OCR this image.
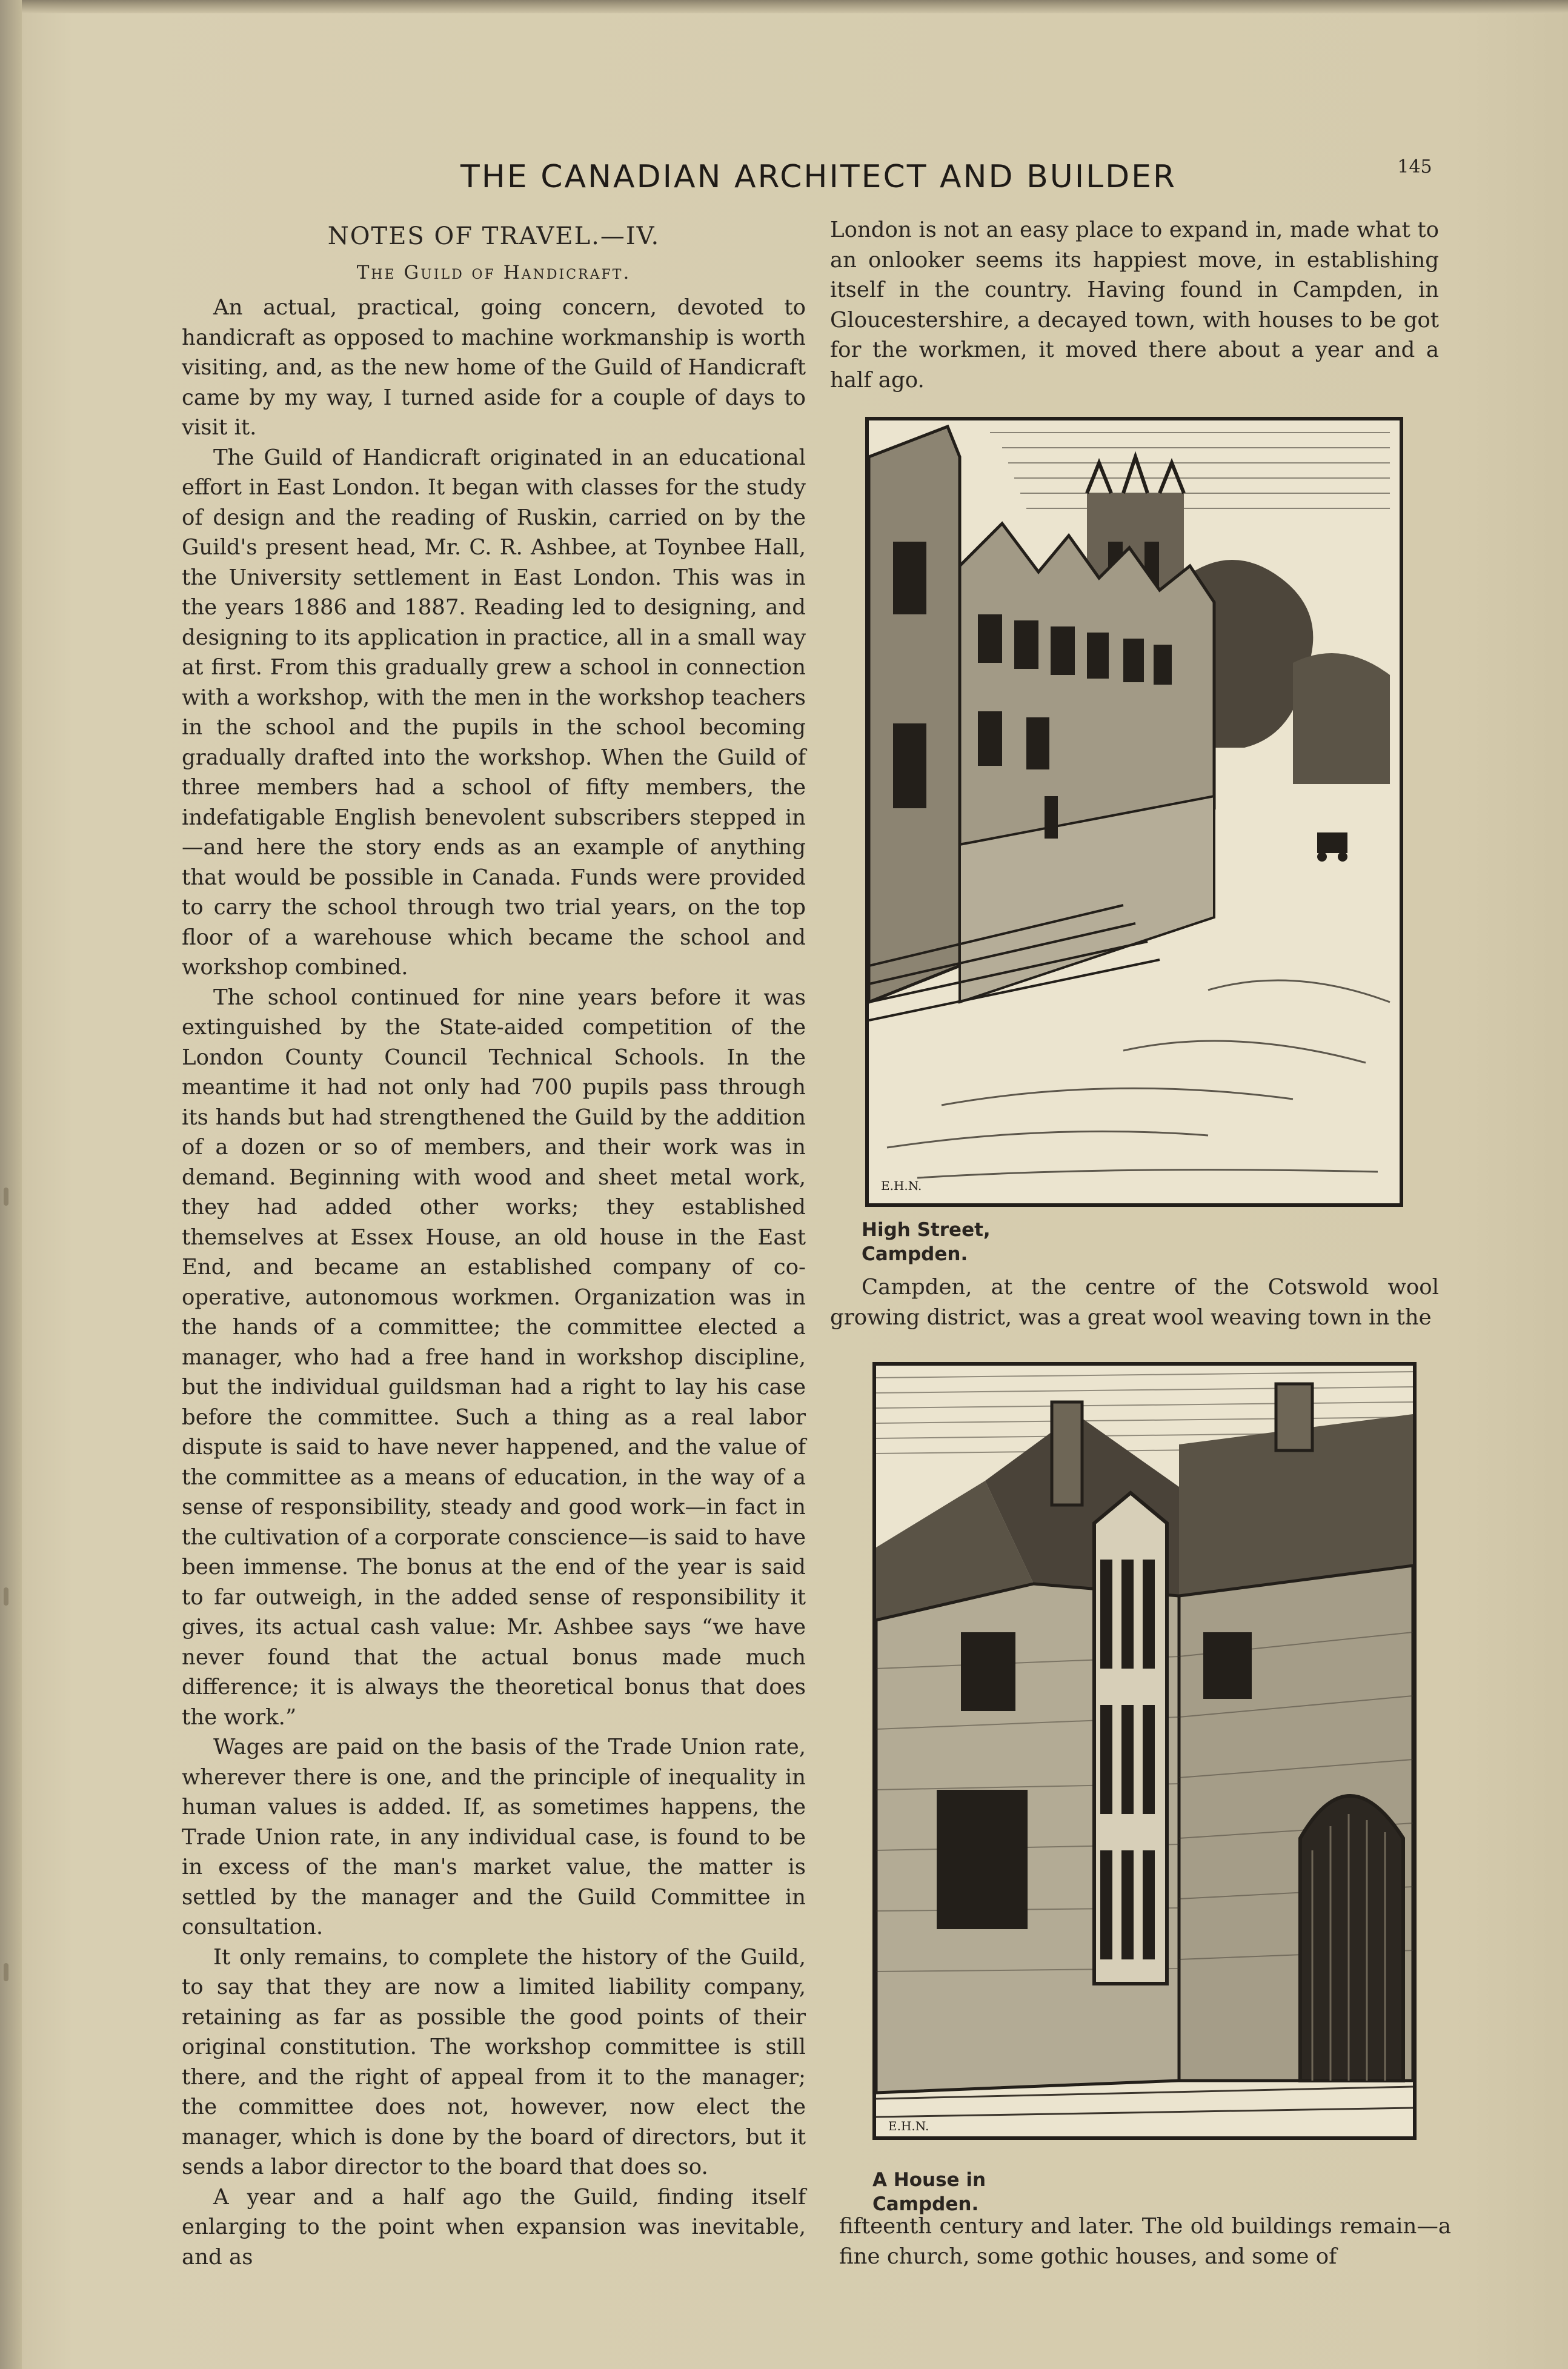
THE CANADIAN ARCHITECT AND BUILDER	145
NOTES OF TRAVEL.—IV.
The Guild of Handicraft.

An actual, practical, going concern, devoted to handicraft as opposed to machine workmanship is worth visiting, and, as the new home of the Guild of Handicraft came by my way, I turned aside for a couple of days to visit it.

The Guild of Handicraft originated in an educational effort in East London. It began with classes for the study of design and the reading of Ruskin, carried on by the Guild's present head, Mr. C. R. Ashbee, at Toynbee Hall, the University settlement in East London. This was in the years 1886 and 1887. Reading led to designing, and designing to its application in practice, all in a small way at first. From this gradually grew a school in connection with a workshop, with the men in the workshop teachers in the school and the pupils in the school becoming gradually drafted into the workshop. When the Guild of three members had a school of fifty members, the indefatigable English benevolent subscribers stepped in—and here the story ends as an example of anything that would be possible in Canada. Funds were provided to carry the school through two trial years, on the top floor of a warehouse which became the school and workshop combined.

The school continued for nine years before it was extinguished by the State-aided competition of the London County Council Technical Schools. In the meantime it had not only had 700 pupils pass through its hands but had strengthened the Guild by the addition of a dozen or so of members, and their work was in demand. Beginning with wood and sheet metal work, they had added other works; they established themselves at Essex House, an old house in the East End, and became an established company of co-operative, autonomous workmen. Organization was in the hands of a committee; the committee elected a manager, who had a free hand in workshop discipline, but the individual guildsman had a right to lay his case before the committee. Such a thing as a real labor dispute is said to have never happened, and the value of the committee as a means of education, in the way of a sense of responsibility, steady and good work—in fact in the cultivation of a corporate conscience—is said to have been immense. The bonus at the end of the year is said to far outweigh, in the added sense of responsibility it gives, its actual cash value: Mr. Ashbee says “we have never found that the actual bonus made much difference; it is always the theoretical bonus that does the work.”

Wages are paid on the basis of the Trade Union rate, wherever there is one, and the principle of inequality in human values is added. If, as sometimes happens, the Trade Union rate, in any individual case, is found to be in excess of the man's market value, the matter is settled by the manager and the Guild Committee in consultation.

It only remains, to complete the history of the Guild, to say that they are now a limited liability company, retaining as far as possible the good points of their original constitution. The workshop committee is still there, and the right of appeal from it to the manager; the committee does not, however, now elect the manager, which is done by the board of directors, but it sends a labor director to the board that does so.

A year and a half ago the Guild, finding itself enlarging to the point when expansion was inevitable, and as

London is not an easy place to expand in, made what to an onlooker seems its happiest move, in establishing itself in the country. Having found in Campden, in Gloucestershire, a decayed town, with houses to be got for the workmen, it moved there about a year and a half ago.

E.H.N.
High Street,
Campden.

Campden, at the centre of the Cotswold wool growing district, was a great wool weaving town in the

E.H.N.
A House in
Campden.

fifteenth century and later. The old buildings remain—a fine church, some gothic houses, and some of
